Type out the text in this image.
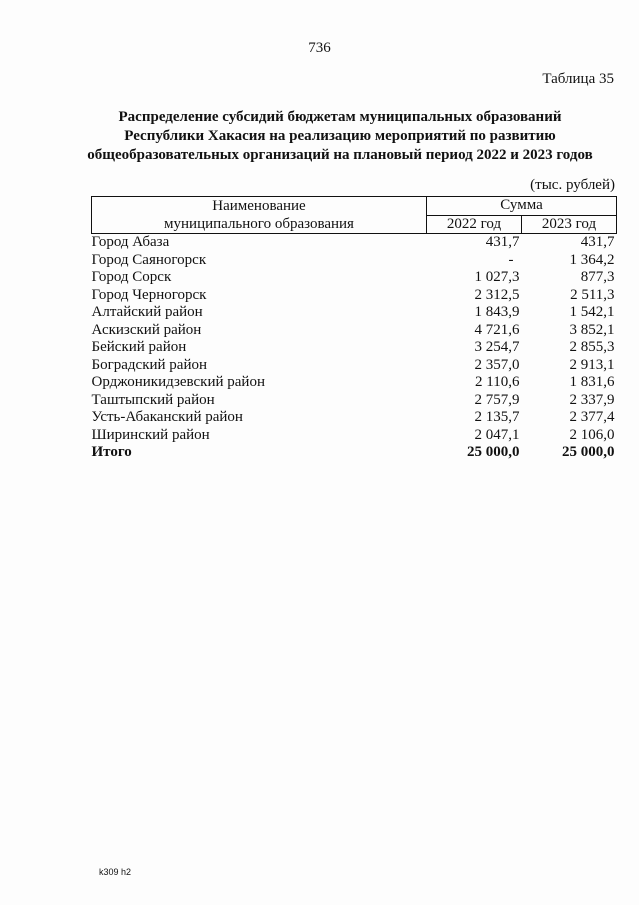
736
Таблица 35
Распределение субсидий бюджетам муниципальных образований
Республики Хакасия на реализацию мероприятий по развитию
общеобразовательных организаций на плановый период 2022 и 2023 годов
(тыс. рублей)
Наименование
муниципального образования	Сумма	
	2022 год	2023 год
Город Абаза	431,7	431,7
Город Саяногорск	-	1 364,2
Город Сорск	1 027,3	877,3
Город Черногорск	2 312,5	2 511,3
Алтайский район	1 843,9	1 542,1
Аскизский район	4 721,6	3 852,1
Бейский район	3 254,7	2 855,3
Боградский район	2 357,0	2 913,1
Орджоникидзевский район	2 110,6	1 831,6
Таштыпский район	2 757,9	2 337,9
Усть-Абаканский район	2 135,7	2 377,4
Ширинский район	2 047,1	2 106,0
Итого	25 000,0	25 000,0
k309 h2
